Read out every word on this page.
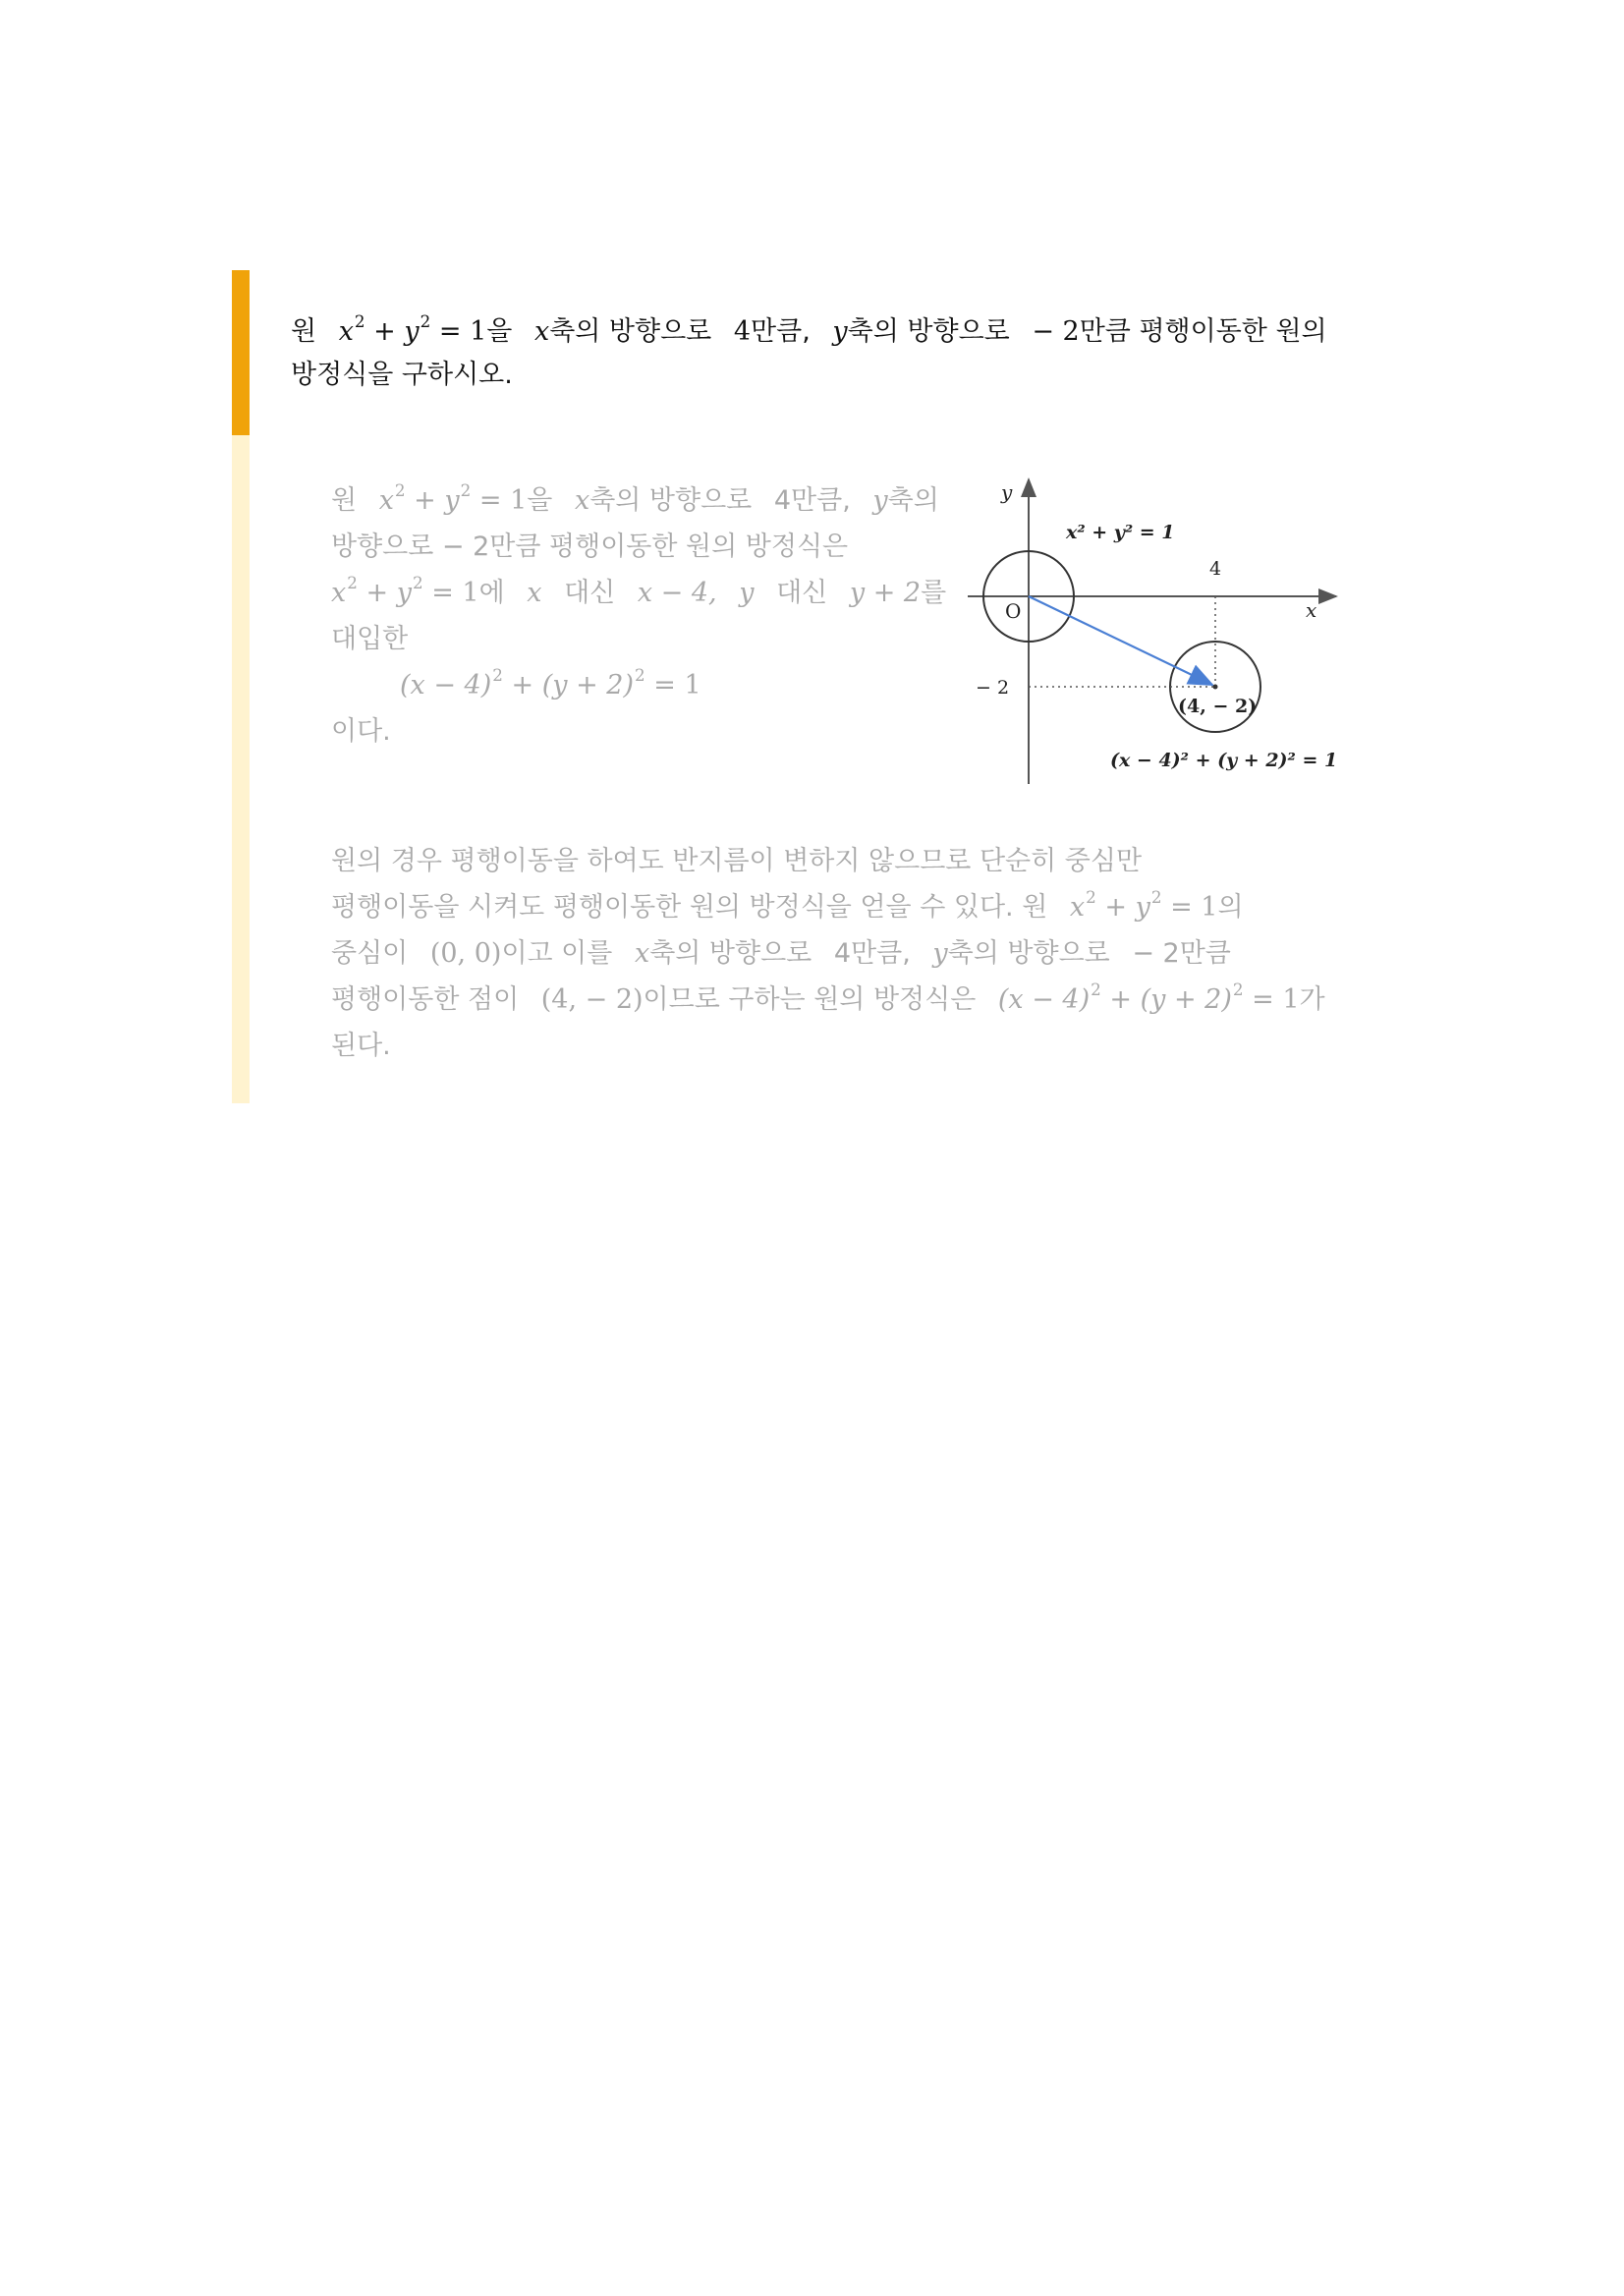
원 $x^2 + y^2 = 1$을 x축의 방향으로 4만큼, y축의 방향으로 − 2만큼 평행이동한 원의
방정식을 구하시오.
원 $x^2 + y^2 = 1$을 x축의 방향으로 4만큼, y축의
방향으로 − 2만큼 평행이동한 원의 방정식은
$x^2 + y^2 = 1$에 x 대신 x − 4, y 대신 y + 2를
대입한
$(x - 4)^2 + (y + 2)^2 = 1$
이다.
y
x
O
4
− 2
x² + y² = 1
(4, − 2)
(x − 4)² + (y + 2)² = 1
원의 경우 평행이동을 하여도 반지름이 변하지 않으므로 단순히 중심만
평행이동을 시켜도 평행이동한 원의 방정식을 얻을 수 있다. 원 $x^2 + y^2 = 1$의
중심이 (0, 0)이고 이를 x축의 방향으로 4만큼, y축의 방향으로 − 2만큼
평행이동한 점이 (4, − 2)이므로 구하는 원의 방정식은 $(x - 4)^2 + (y + 2)^2 = 1$가
된다.
